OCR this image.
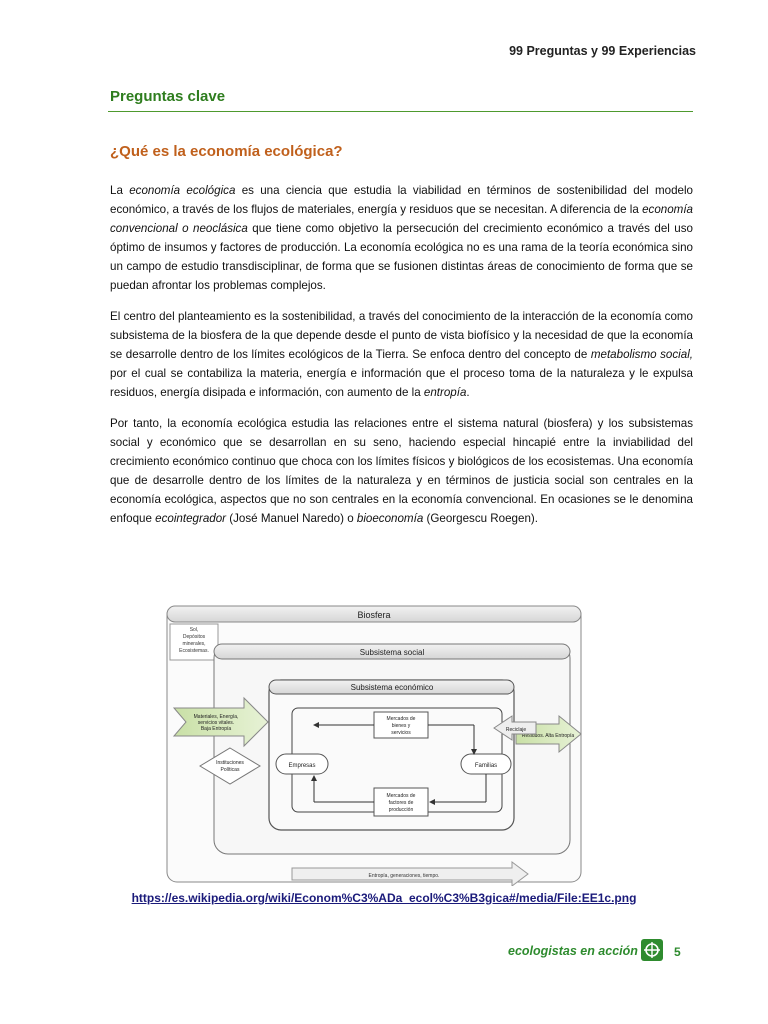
99 Preguntas y 99 Experiencias
Preguntas clave
¿Qué es la economía ecológica?

La economía ecológica es una ciencia que estudia la viabilidad en términos de sostenibilidad del modelo económico, a través de los flujos de materiales, energía y residuos que se necesitan. A diferencia de la economía convencional o neoclásica que tiene como objetivo la persecución del crecimiento económico a través del uso óptimo de insumos y factores de producción. La economía ecológica no es una rama de la teoría económica sino un campo de estudio transdisciplinar, de forma que se fusionen distintas áreas de conocimiento de forma que se puedan afrontar los problemas complejos.

El centro del planteamiento es la sostenibilidad, a través del conocimiento de la interacción de la economía como subsistema de la biosfera de la que depende desde el punto de vista biofísico y la necesidad de que la economía se desarrolle dentro de los límites ecológicos de la Tierra. Se enfoca dentro del concepto de metabolismo social, por el cual se contabiliza la materia, energía e información que el proceso toma de la naturaleza y le expulsa residuos, energía disipada e información, con aumento de la entropía.

Por tanto, la economía ecológica estudia las relaciones entre el sistema natural (biosfera) y los subsistemas social y económico que se desarrollan en su seno, haciendo especial hincapié entre la inviabilidad del crecimiento económico continuo que choca con los límites físicos y biológicos de los ecosistemas. Una economía que de desarrolle dentro de los límites de la naturaleza y en términos de justicia social son centrales en la economía ecológica, aspectos que no son centrales en la economía convencional. En ocasiones se le denomina enfoque ecointegrador (José Manuel Naredo) o bioeconomía (Georgescu Roegen).

Biosfera
Sol,
Depósitos
minerales,
Ecosistemas.	Subsistema social
Subsistema económico
Mercados de
bienes y
servicios
Mercados de
factores de
producción
Empresas	Familias
Materiales, Energía,
servicios vitales.
Baja Entropía
Residuos. Alta Entropía
Reciclaje
Instituciones
Políticas
Entropía, generaciones, tiempo.
https://es.wikipedia.org/wiki/Econom%C3%ADa_ecol%C3%B3gica#/media/File:EE1c.png
ecologistas en acción	5
